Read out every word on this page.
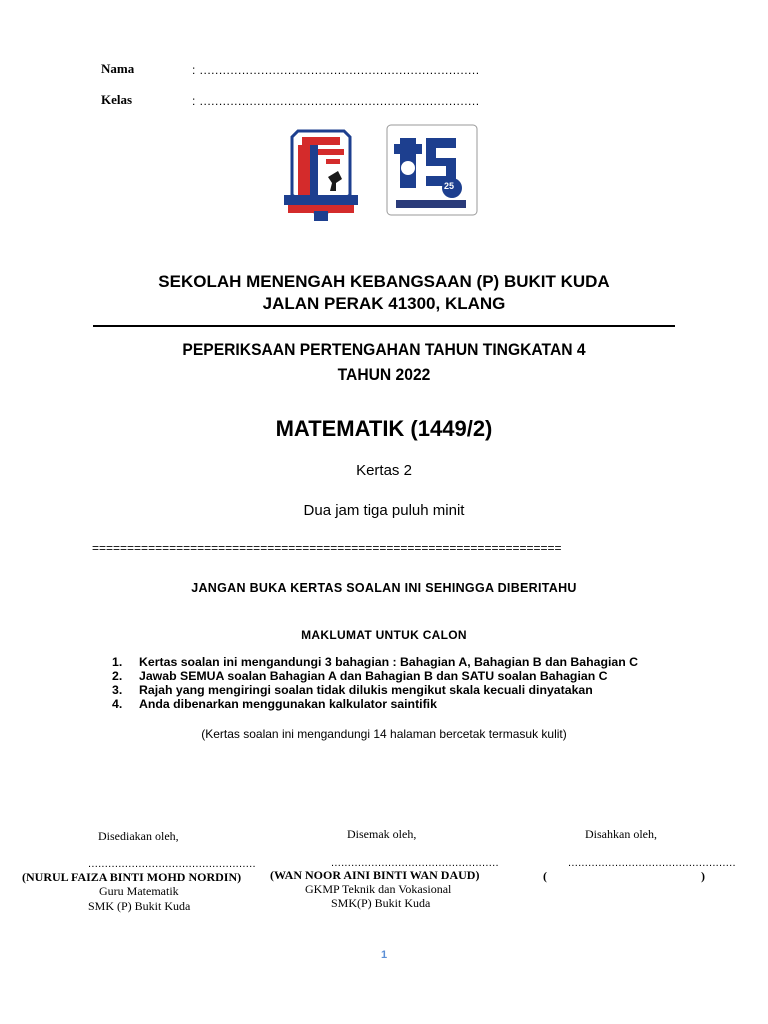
Nama	: .........................................................................
Kelas	: .........................................................................
25
SEKOLAH MENENGAH KEBANGSAAN (P) BUKIT KUDA
JALAN PERAK 41300, KLANG
PEPERIKSAAN PERTENGAHAN TAHUN TINGKATAN 4
TAHUN 2022
MATEMATIK (1449/2)
Kertas 2
Dua jam tiga puluh minit
===================================================================
JANGAN BUKA KERTAS SOALAN INI SEHINGGA DIBERITAHU
MAKLUMAT UNTUK CALON
1.	Kertas soalan ini mengandungi 3 bahagian : Bahagian A, Bahagian B dan Bahagian C
2.	Jawab SEMUA soalan Bahagian A dan Bahagian B dan SATU soalan Bahagian C
3.	Rajah yang mengiringi soalan tidak dilukis mengikut skala kecuali dinyatakan
4.	Anda dibenarkan menggunakan kalkulator saintifik
(Kertas soalan ini mengandungi 14 halaman bercetak termasuk kulit)
Disediakan oleh,
..................................................
(NURUL FAIZA BINTI MOHD NORDIN)
Guru Matematik
SMK (P) Bukit Kuda
Disemak oleh,
..................................................
(WAN NOOR AINI BINTI WAN DAUD)
GKMP Teknik dan Vokasional
SMK(P) Bukit Kuda
Disahkan oleh,
..................................................
(	)
1
